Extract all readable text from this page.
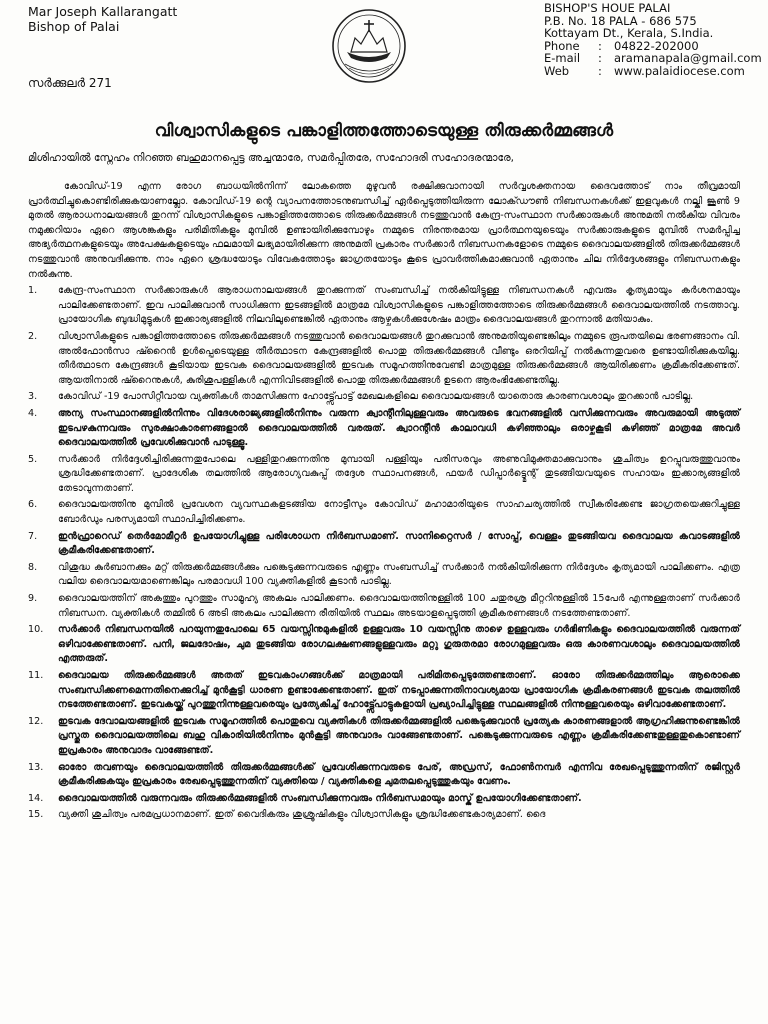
Mar Joseph Kallarangatt
Bishop of Palai
സർക്കുലർ 271
BISHOP'S HOUE PALAI
P.B. No. 18 PALA - 686 575
Kottayam Dt., Kerala, S.India.
Phone	:	04822-202000
E-mail	:	aramanapala@gmail.com
Web	:	www.palaidiocese.com
വിശ്വാസികളുടെ പങ്കാളിത്തത്തോടെയുള്ള തിരുക്കർമ്മങ്ങൾ
മിശിഹായിൽ സ്നേഹം നിറഞ്ഞ ബഹുമാനപ്പെട്ട അച്ചന്മാരേ, സമർപ്പിതരേ, സഹോദരി സഹോദരന്മാരേ,

കോവിഡ്-19 എന്ന രോഗ ബാധയിൽനിന്ന് ലോകത്തെ മുഴുവൻ രക്ഷിക്കുവാനായി സർവ്വശക്തനായ ദൈവത്തോട് നാം തീവ്രമായി പ്രാർത്ഥിച്ചുകൊണ്ടിരിക്കുകയാണല്ലോ. കോവിഡ്-19 ന്റെ വ്യാപനത്തോടനുബന്ധിച്ച് ഏർപ്പെടുത്തിയിരുന്ന ലോക്ഡൗൺ നിബന്ധനകൾക്ക് ഇളവുകൾ നല്കി ജൂൺ 9 മുതൽ ആരാധനാലയങ്ങൾ തുറന്ന് വിശ്വാസികളുടെ പങ്കാളിത്തത്തോടെ തിരുക്കർമ്മങ്ങൾ നടത്തുവാൻ കേന്ദ്ര-സംസ്ഥാന സർക്കാരുകൾ അനുമതി നൽകിയ വിവരം നമുക്കറിയാം ഏറെ ആശങ്കകളും പരിമിതികളും മുമ്പിൽ ഉണ്ടായിരിക്കുമ്പോഴും നമ്മുടെ നിരന്തരമായ പ്രാർത്ഥനയുടെയും സർക്കാരുകളുടെ മുമ്പിൽ സമർപ്പിച്ച അഭ്യർത്ഥനകളുടെയും അപേക്ഷകളുടെയും ഫലമായി ലഭ്യമായിരിക്കുന്ന അനുമതി പ്രകാരം സർക്കാർ നിബന്ധനകളോടെ നമ്മുടെ ദൈവാലയങ്ങളിൽ തിരുക്കർമ്മങ്ങൾ നടത്തുവാൻ അനുവദിക്കുന്നു. നാം ഏറെ ശ്രദ്ധയോടും വിവേകത്തോടും ജാഗ്രതയോടും കൂടെ പ്രാവർത്തികമാക്കുവാൻ ഏതാനും ചില നിർദ്ദേശങ്ങളും നിബന്ധനകളും നൽകുന്നു.

1.	കേന്ദ്ര-സംസ്ഥാന സർക്കാരുകൾ ആരാധനാലയങ്ങൾ തുറക്കുന്നത് സംബന്ധിച്ച് നൽകിയിട്ടുള്ള നിബന്ധനകൾ എവരും കൃത്യമായും കർശനമായും പാലിക്കേണ്ടതാണ്. ഇവ പാലിക്കുവാൻ സാധിക്കുന്ന ഇടങ്ങളിൽ മാത്രമേ വിശ്വാസികളുടെ പങ്കാളിത്തത്തോടെ തിരുക്കർമ്മങ്ങൾ ദൈവാലയത്തിൽ നടത്താവൂ. പ്രായോഗിക ബുദ്ധിമുട്ടുകൾ ഇക്കാര്യങ്ങളിൽ നിലവിലുണ്ടെങ്കിൽ ഏതാനും ആഴ്ചകൾക്കുശേഷം മാത്രം ദൈവാലയങ്ങൾ തുറന്നാൽ മതിയാകും.
2.	വിശ്വാസികളുടെ പങ്കാളിത്തത്തോടെ തിരുക്കർമ്മങ്ങൾ നടത്തുവാൻ ദൈവാലയങ്ങൾ തുറക്കുവാൻ അനുമതിയുണ്ടെങ്കിലും നമ്മുടെ രൂപതയിലെ ഭരണങ്ങാനം വി. അൽഫോൻസാ ഷ്റൈൻ ഉൾപ്പെടെയുള്ള തീർത്ഥാടന കേന്ദ്രങ്ങളിൽ പൊതു തിരുക്കർമ്മങ്ങൾ വീണ്ടും ഒരറിയിപ്പ് നൽകുന്നതുവരെ ഉണ്ടായിരിക്കുകയില്ല. തീർത്ഥാടന കേന്ദ്രങ്ങൾ കൂടിയായ ഇടവക ദൈവാലയങ്ങളിൽ ഇടവക സമൂഹത്തിനുവേണ്ടി മാത്രമുള്ള തിരുക്കർമ്മങ്ങൾ ആയിരിക്കണം ക്രമീകരിക്കേണ്ടത്. ആയതിനാൽ ഷ്റൈനുകൾ, കുരിശുപള്ളികൾ എന്നിവിടങ്ങളിൽ പൊതു തിരുക്കർമ്മങ്ങൾ ഉടനെ ആരംഭിക്കേണ്ടതില്ല.
3.	കോവിഡ് -19 പോസിറ്റീവായ വ്യക്തികൾ താമസിക്കുന്ന ഹോട്ട്സ്പോട്ട് മേഖലകളിലെ ദൈവാലയങ്ങൾ യാതൊരു കാരണവശാലും തുറക്കാൻ പാടില്ല.
4.	അന്യ സംസ്ഥാനങ്ങളിൽനിന്നും വിദേശരാജ്യങ്ങളിൽനിന്നും വരുന്ന ക്വാന്റീനിലുള്ളവരും അവരുടെ ഭവനങ്ങളിൽ വസിക്കുന്നവരും അവരുമായി അടുത്ത് ഇടപഴകുന്നവരും സുരക്ഷാകാരണങ്ങളാൽ ദൈവാലയത്തിൽ വരരുത്. ക്വാറന്റീൻ കാലാവധി കഴിഞ്ഞാലും ഒരാഴ്ചകൂടി കഴിഞ്ഞ് മാത്രമേ അവർ ദൈവാലയത്തിൽ പ്രവേശിക്കുവാൻ പാടുള്ളൂ.
5.	സർക്കാർ നിർദ്ദേശിച്ചിരിക്കുന്നതുപോലെ പള്ളിതുറക്കുന്നതിനു മുമ്പായി പള്ളിയും പരിസരവും അണുവിമുക്തമാക്കുവാനും ശുചിത്വം ഉറപ്പുവരുത്തുവാനും ശ്രദ്ധിക്കേണ്ടതാണ്. പ്രാദേശിക തലത്തിൽ ആരോഗ്യവകുപ്പ് തദ്ദേശ സ്ഥാപനങ്ങൾ, ഫയർ ഡിപ്പാർട്ട്മെന്റ് തുടങ്ങിയവയുടെ സഹായം ഇക്കാര്യങ്ങളിൽ തേടാവുന്നതാണ്.
6.	ദൈവാലയത്തിനു മുമ്പിൽ പ്രവേശന വ്യവസ്ഥകളടങ്ങിയ നോട്ടീസും കോവിഡ് മഹാമാരിയുടെ സാഹചര്യത്തിൽ സ്വീകരിക്കേണ്ട ജാഗ്രതയെക്കുറിച്ചുള്ള ബോർഡും പരസ്യമായി സ്ഥാപിച്ചിരിക്കണം.
7.	ഇൻഫ്രാറെഡ് തെർമോമീറ്റർ ഉപയോഗിച്ചുള്ള പരിശോധന നിർബന്ധമാണ്. സാനിറ്റൈസർ / സോപ്പ്, വെള്ളം തുടങ്ങിയവ ദൈവാലയ കവാടങ്ങളിൽ ക്രമീകരിക്കേണ്ടതാണ്.
8.	വിശുദ്ധ കുർബാനക്കും മറ്റ് തിരുക്കർമ്മങ്ങൾക്കും പങ്കെടുക്കുന്നവരുടെ എണ്ണം സംബന്ധിച്ച് സർക്കാർ നൽകിയിരിക്കുന്ന നിർദ്ദേശം കൃത്യമായി പാലിക്കണം. എത്ര വലിയ ദൈവാലയമാണെങ്കിലും പരമാവധി 100 വ്യക്തികളിൽ കൂടാൻ പാടില്ല.
9.	ദൈവാലയത്തിന് അകത്തും പുറത്തും സാമൂഹ്യ അകലം പാലിക്കണം. ദൈവാലയത്തിനുള്ളിൽ 100 ചതുരശ്ര മീറ്ററിനുള്ളിൽ 15പേർ എന്നുള്ളതാണ് സർക്കാർ നിബന്ധന. വ്യക്തികൾ തമ്മിൽ 6 അടി അകലം പാലിക്കുന്ന രീതിയിൽ സ്ഥലം അടയാളപ്പെടുത്തി ക്രമീകരണങ്ങൾ നടത്തേണ്ടതാണ്.
10.	സർക്കാർ നിബന്ധനയിൽ പറയുന്നതുപോലെ 65 വയസ്സിനുമുകളിൽ ഉള്ളവരും 10 വയസ്സിനു താഴെ ഉള്ളവരും ഗർഭിണികളും ദൈവാലയത്തിൽ വരുന്നത് ഒഴിവാക്കേണ്ടതാണ്. പനി, ജലദോഷം, ചുമ തുടങ്ങിയ രോഗലക്ഷണങ്ങളുള്ളവരും മറ്റു ഗുരുതരമാ രോഗമുള്ളവരും ഒരു കാരണവശാലും ദൈവാലയത്തിൽ എത്തരുത്.
11.	ദൈവാലയ തിരുക്കർമ്മങ്ങൾ അതത് ഇടവകാംഗങ്ങൾക്ക് മാത്രമായി പരിമിതപ്പെടുത്തേണ്ടതാണ്. ഓരോ തിരുക്കർമ്മത്തിലും ആരൊക്കെ സംബന്ധിക്കണമെന്നതിനെക്കുറിച്ച് മുൻകൂട്ടി ധാരണ ഉണ്ടാക്കേണ്ടതാണ്. ഇത് നടപ്പാക്കുന്നതിനാവശ്യമായ പ്രായോഗിക ക്രമീകരണങ്ങൾ ഇടവക തലത്തിൽ നടത്തേണ്ടതാണ്. ഇടവകയ്ക്ക് പുറത്തുനിന്നുള്ളവരെയും പ്രത്യേകിച്ച് ഹോട്ട്സ്പോട്ടുകളായി പ്രഖ്യാപിച്ചിട്ടുള്ള സ്ഥലങ്ങളിൽ നിന്നുള്ളവരെയും ഒഴിവാക്കേണ്ടതാണ്.
12.	ഇടവക ദേവാലയങ്ങളിൽ ഇടവക സമൂഹത്തിൽ പൊതുവെ വ്യക്തികൾ തിരുക്കർമ്മങ്ങളിൽ പങ്കെടുക്കുവാൻ പ്രത്യേക കാരണങ്ങളാൽ ആഗ്രഹിക്കുന്നുണ്ടെങ്കിൽ പ്രസ്തുത ദൈവാലയത്തിലെ ബഹു വികാരിയിൽനിന്നും മുൻകൂട്ടി അനുവാദം വാങ്ങേണ്ടതാണ്. പങ്കെടുക്കുന്നവരുടെ എണ്ണം ക്രമീകരിക്കേണ്ടതുള്ളതുകൊണ്ടാണ് ഇപ്രകാരം അനുവാദം വാങ്ങേണ്ടത്.
13.	ഓരോ തവണയും ദൈവാലയത്തിൽ തിരുക്കർമ്മങ്ങൾക്ക് പ്രവേശിക്കുന്നവരുടെ പേര്, അഡ്രസ്, ഫോൺനമ്പർ എന്നിവ രേഖപ്പെടുത്തുന്നതിന് രജിസ്റ്റർ ക്രമീകരിക്കുകയും ഇപ്രകാരം രേഖപ്പെടുത്തുന്നതിന് വ്യക്തിയെ / വ്യക്തികളെ ചുമതലപ്പെടുത്തുകയും വേണം.
14.	ദൈവാലയത്തിൽ വരുന്നവരും തിരുക്കർമ്മങ്ങളിൽ സംബന്ധിക്കുന്നവരും നിർബന്ധമായും മാസ്ക് ഉപയോഗിക്കേണ്ടതാണ്.
15.	വ്യക്തി ശുചിത്വം പരമപ്രധാനമാണ്. ഇത് വൈദികരും ശുശ്രൂഷികളും വിശ്വാസികളും ശ്രദ്ധിക്കേണ്ടകാര്യമാണ്. ദൈ
